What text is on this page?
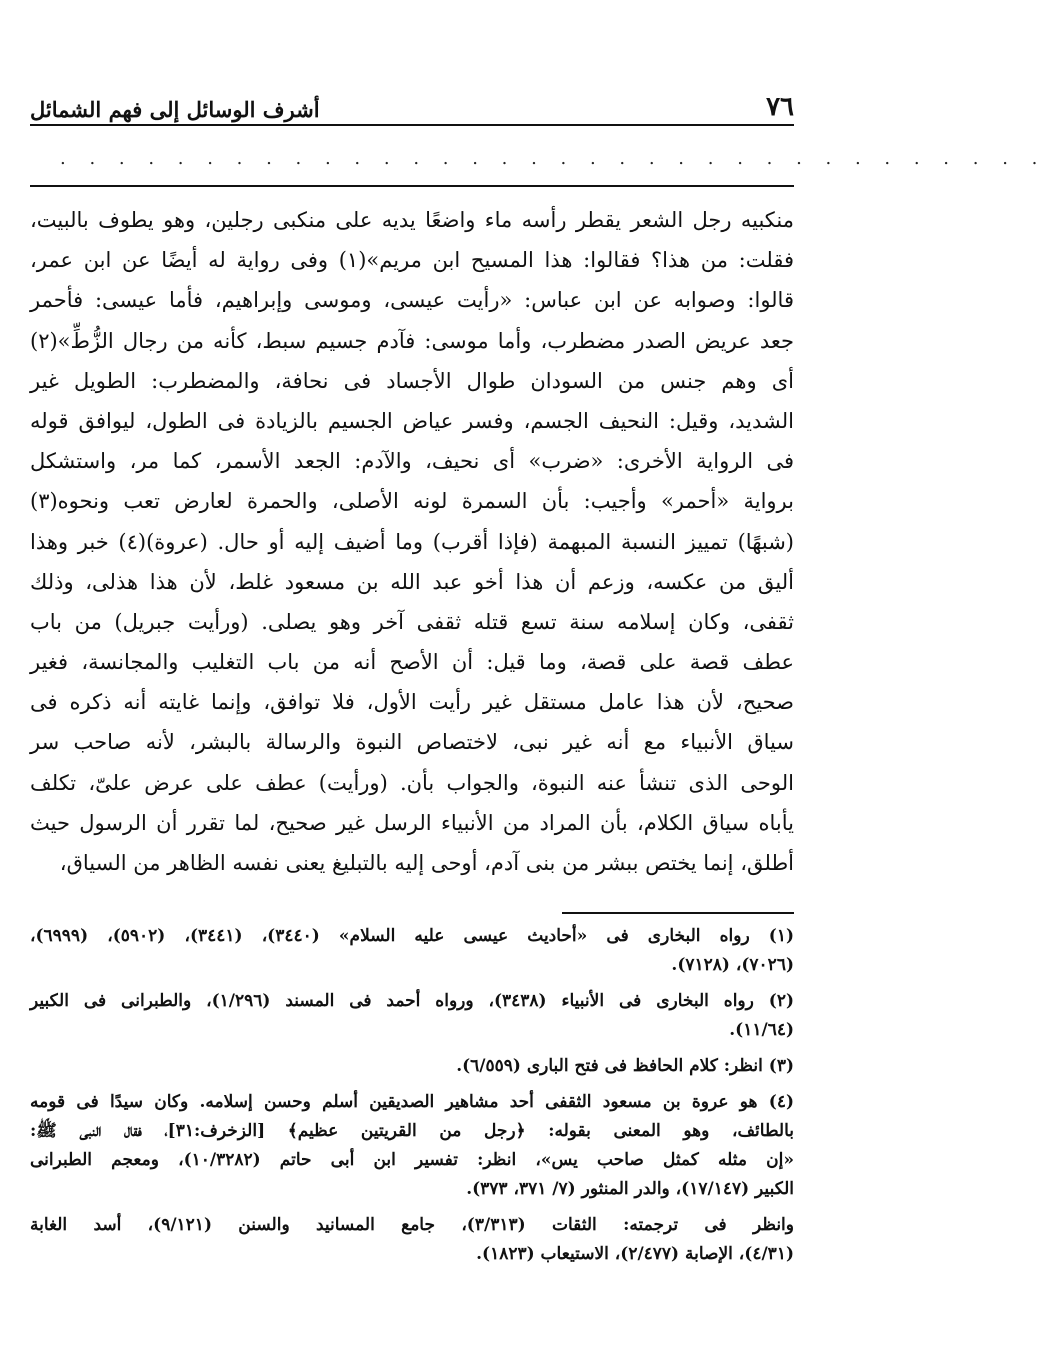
٧٦
أشرف الوسائل إلى فهم الشمائل
. . . . . . . . . . . . . . . . . . . . . . . . . . . . . . . . . .
منكبيه رجل الشعر يقطر رأسه ماء واضعًا يديه على منكبى رجلين، وهو يطوف بالبيت،
فقلت: من هذا؟ فقالوا: هذا المسيح ابن مريم»(١) وفى رواية له أيضًا عن ابن عمر،
قالوا: وصوابه عن ابن عباس: «رأيت عيسى، وموسى وإبراهيم، فأما عيسى: فأحمر
جعد عريض الصدر مضطرب، وأما موسى: فآدم جسيم سبط، كأنه من رجال الزُّطِّ»(٢)
أى وهم جنس من السودان طوال الأجساد فى نحافة، والمضطرب: الطويل غير
الشديد، وقيل: النحيف الجسم، وفسر عياض الجسيم بالزيادة فى الطول، ليوافق قوله
فى الرواية الأخرى: «ضرب» أى نحيف، والآدم: الجعد الأسمر، كما مر، واستشكل
برواية «أحمر» وأجيب: بأن السمرة لونه الأصلى، والحمرة لعارض تعب ونحوه(٣)
(شبهًا) تمييز النسبة المبهمة (فإذا أقرب) وما أضيف إليه أو حال. (عروة)(٤) خبر وهذا
أليق من عكسه، وزعم أن هذا أخو عبد الله بن مسعود غلط، لأن هذا هذلى، وذلك
ثقفى، وكان إسلامه سنة تسع قتله ثقفى آخر وهو يصلى. (ورأيت جبريل) من باب
عطف قصة على قصة، وما قيل: أن الأصح أنه من باب التغليب والمجانسة، فغير
صحيح، لأن هذا عامل مستقل غير رأيت الأول، فلا توافق، وإنما غايته أنه ذكره فى
سياق الأنبياء مع أنه غير نبى، لاختصاص النبوة والرسالة بالبشر، لأنه صاحب سر
الوحى الذى تنشأ عنه النبوة، والجواب بأن. (ورأيت) عطف على عرض علىّ، تكلف
يأباه سياق الكلام، بأن المراد من الأنبياء الرسل غير صحيح، لما تقرر أن الرسول حيث
أطلق، إنما يختص ببشر من بنى آدم، أوحى إليه بالتبليغ يعنى نفسه الظاهر من السياق،
(١) رواه البخارى فى «أحاديث عيسى عليه السلام» (٣٤٤٠)، (٣٤٤١)، (٥٩٠٢)، (٦٩٩٩)،
(٧٠٢٦)، (٧١٢٨).
(٢) رواه البخارى فى الأنبياء (٣٤٣٨)، ورواه أحمد فى المسند (١/٢٩٦)، والطبرانى فى الكبير
(١١/٦٤).
(٣) انظر: كلام الحافظ فى فتح البارى (٦/٥٥٩).
(٤) هو عروة بن مسعود الثقفى أحد مشاهير الصديقين أسلم وحسن إسلامه. وكان سيدًا فى قومه
بالطائف، وهو المعنى بقوله: ﴿رجل من القريتين عظيم﴾ [الزخرف:٣١]، فقال النبى ﷺ:
«إن مثله كمثل صاحب يس»، انظر: تفسير ابن أبى حاتم (١٠/٣٢٨٢)، ومعجم الطبرانى
الكبير (١٧/١٤٧)، والدر المنثور (٧/ ٣٧١، ٣٧٣).
وانظر فى ترجمته: الثقات (٣/٣١٣)، جامع المسانيد والسنن (٩/١٢١)، أسد الغابة
(٤/٣١)، الإصابة (٢/٤٧٧)، الاستيعاب (١٨٢٣).
